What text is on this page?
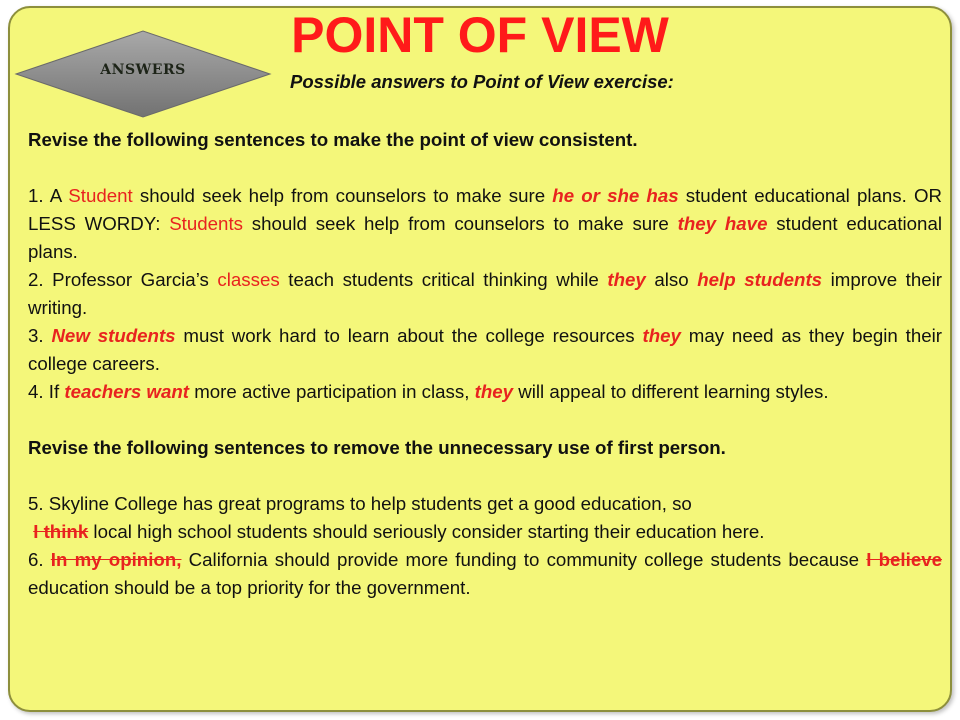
POINT OF VIEW
ANSWERS
Possible answers to Point of View exercise:

Revise the following sentences to make the point of view consistent.

1. A Student should seek help from counselors to make sure he or she has student educational plans. OR LESS WORDY: Students should seek help from counselors to make sure they have student educational plans.

2. Professor Garcia’s classes teach students critical thinking while they also help students improve their writing.

3. New students must work hard to learn about the college resources they may need as they begin their college careers.

4. If teachers want more active participation in class, they will appeal to different learning styles.

Revise the following sentences to remove the unnecessary use of first person.

5. Skyline College has great programs to help students get a good education, so
I think local high school students should seriously consider starting their education here.

6. In my opinion, California should provide more funding to community college students because I believe education should be a top priority for the government.
